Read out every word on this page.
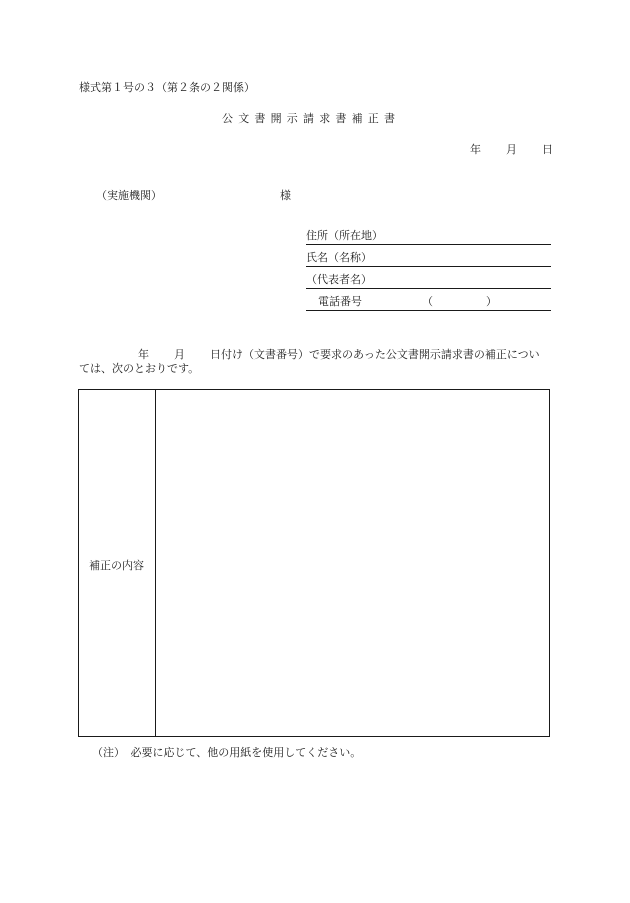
様式第１号の３（第２条の２関係）
公文書開示請求書補正書
年 月 日
（実施機関）	様
住所（所在地）
氏名（名称）
（代表者名）
電話番号	（	）
年 月 日付け（文書番号）で要求のあった公文書開示請求書の補正につい
ては、次のとおりです。
補正の内容
（注）　必要に応じて、他の用紙を使用してください。
